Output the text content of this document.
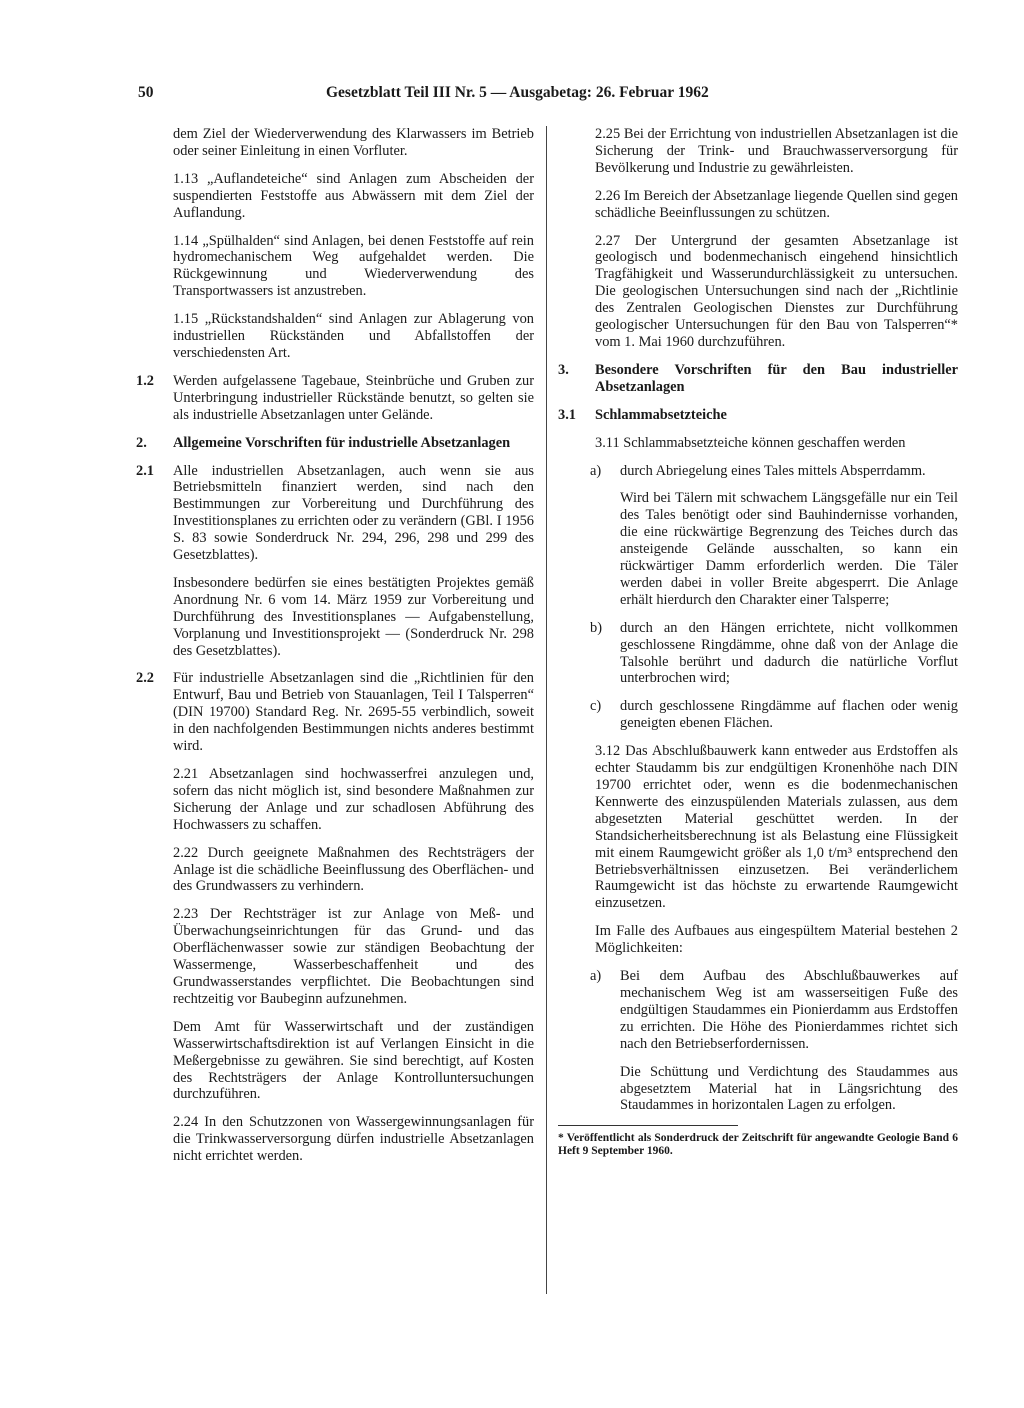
50	Gesetzblatt Teil III Nr. 5 — Ausgabetag: 26. Februar 1962

dem Ziel der Wiederverwendung des Klarwassers im Betrieb oder seiner Einleitung in einen Vorfluter.

1.13 „Auflandeteiche“ sind Anlagen zum Abscheiden der suspendierten Feststoffe aus Abwässern mit dem Ziel der Auflandung.

1.14 „Spülhalden“ sind Anlagen, bei denen Feststoffe auf rein hydromechanischem Weg aufgehaldet werden. Die Rückgewinnung und Wiederverwendung des Transportwassers ist anzustreben.

1.15 „Rückstandshalden“ sind Anlagen zur Ablagerung von industriellen Rückständen und Abfallstoffen der verschiedensten Art.

1.2 Werden aufgelassene Tagebaue, Steinbrüche und Gruben zur Unterbringung industrieller Rückstände benutzt, so gelten sie als industrielle Absetzanlagen unter Gelände.
2. Allgemeine Vorschriften für industrielle Absetzanlagen
2.1 Alle industriellen Absetzanlagen, auch wenn sie aus Betriebsmitteln finanziert werden, sind nach den Bestimmungen zur Vorbereitung und Durchführung des Investitionsplanes zu errichten oder zu verändern (GBl. I 1956 S. 83 sowie Sonderdruck Nr. 294, 296, 298 und 299 des Gesetzblattes).

Insbesondere bedürfen sie eines bestätigten Projektes gemäß Anordnung Nr. 6 vom 14. März 1959 zur Vorbereitung und Durchführung des Investitionsplanes — Aufgabenstellung, Vorplanung und Investitionsprojekt — (Sonderdruck Nr. 298 des Gesetzblattes).

2.2 Für industrielle Absetzanlagen sind die „Richtlinien für den Entwurf, Bau und Betrieb von Stauanlagen, Teil I Talsperren“ (DIN 19700) Standard Reg. Nr. 2695-55 verbindlich, soweit in den nachfolgenden Bestimmungen nichts anderes bestimmt wird.

2.21 Absetzanlagen sind hochwasserfrei anzulegen und, sofern das nicht möglich ist, sind besondere Maßnahmen zur Sicherung der Anlage und zur schadlosen Abführung des Hochwassers zu schaffen.

2.22 Durch geeignete Maßnahmen des Rechtsträgers der Anlage ist die schädliche Beeinflussung des Oberflächen- und des Grundwassers zu verhindern.

2.23 Der Rechtsträger ist zur Anlage von Meß- und Überwachungseinrichtungen für das Grund- und das Oberflächenwasser sowie zur ständigen Beobachtung der Wassermenge, Wasserbeschaffenheit und des Grundwasserstandes verpflichtet. Die Beobachtungen sind rechtzeitig vor Baubeginn aufzunehmen.

Dem Amt für Wasserwirtschaft und der zuständigen Wasserwirtschaftsdirektion ist auf Verlangen Einsicht in die Meßergebnisse zu gewähren. Sie sind berechtigt, auf Kosten des Rechtsträgers der Anlage Kontrolluntersuchungen durchzuführen.

2.24 In den Schutzzonen von Wassergewinnungsanlagen für die Trinkwasserversorgung dürfen industrielle Absetzanlagen nicht errichtet werden.

2.25 Bei der Errichtung von industriellen Absetzanlagen ist die Sicherung der Trink- und Brauchwasserversorgung für Bevölkerung und Industrie zu gewährleisten.

2.26 Im Bereich der Absetzanlage liegende Quellen sind gegen schädliche Beeinflussungen zu schützen.

2.27 Der Untergrund der gesamten Absetzanlage ist geologisch und bodenmechanisch eingehend hinsichtlich Tragfähigkeit und Wasserundurchlässigkeit zu untersuchen. Die geologischen Untersuchungen sind nach der „Richtlinie des Zentralen Geologischen Dienstes zur Durchführung geologischer Untersuchungen für den Bau von Talsperren“* vom 1. Mai 1960 durchzuführen.

3. Besondere Vorschriften für den Bau industrieller Absetzanlagen
3.1 Schlammabsetzteiche

3.11 Schlammabsetzteiche können geschaffen werden

a) durch Abriegelung eines Tales mittels Absperrdamm.

Wird bei Tälern mit schwachem Längsgefälle nur ein Teil des Tales benötigt oder sind Bauhindernisse vorhanden, die eine rückwärtige Begrenzung des Teiches durch das ansteigende Gelände ausschalten, so kann ein rückwärtiger Damm erforderlich werden. Die Täler werden dabei in voller Breite abgesperrt. Die Anlage erhält hierdurch den Charakter einer Talsperre;

b) durch an den Hängen errichtete, nicht vollkommen geschlossene Ringdämme, ohne daß von der Anlage die Talsohle berührt und dadurch die natürliche Vorflut unterbrochen wird;
c) durch geschlossene Ringdämme auf flachen oder wenig geneigten ebenen Flächen.

3.12 Das Abschlußbauwerk kann entweder aus Erdstoffen als echter Staudamm bis zur endgültigen Kronenhöhe nach DIN 19700 errichtet oder, wenn es die bodenmechanischen Kennwerte des einzuspülenden Materials zulassen, aus dem abgesetzten Material geschüttet werden. In der Standsicherheitsberechnung ist als Belastung eine Flüssigkeit mit einem Raumgewicht größer als 1,0 t/m³ entsprechend den Betriebsverhältnissen einzusetzen. Bei veränderlichem Raumgewicht ist das höchste zu erwartende Raumgewicht einzusetzen.

Im Falle des Aufbaues aus eingespültem Material bestehen 2 Möglichkeiten:

a) Bei dem Aufbau des Abschlußbauwerkes auf mechanischem Weg ist am wasserseitigen Fuße des endgültigen Staudammes ein Pionierdamm aus Erdstoffen zu errichten. Die Höhe des Pionierdammes richtet sich nach den Betriebserfordernissen.

Die Schüttung und Verdichtung des Staudammes aus abgesetztem Material hat in Längsrichtung des Staudammes in horizontalen Lagen zu erfolgen.

* Veröffentlicht als Sonderdruck der Zeitschrift für angewandte Geologie Band 6 Heft 9 September 1960.
